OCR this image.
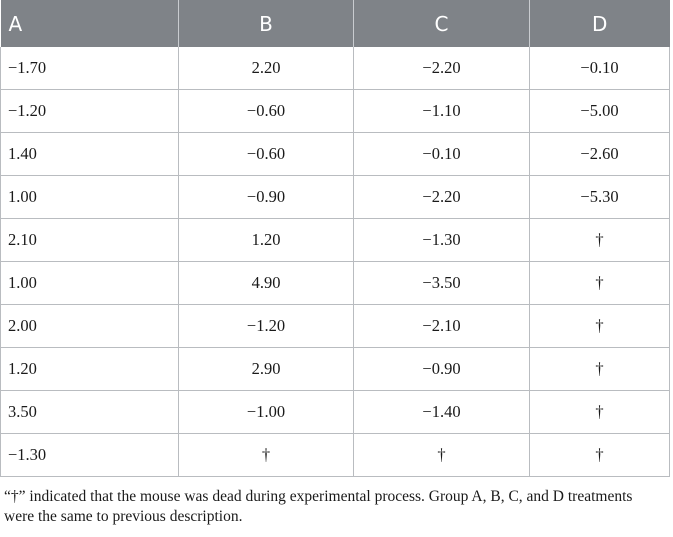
A	B	C	D
−1.70	2.20	−2.20	−0.10
−1.20	−0.60	−1.10	−5.00
1.40	−0.60	−0.10	−2.60
1.00	−0.90	−2.20	−5.30
2.10	1.20	−1.30	†
1.00	4.90	−3.50	†
2.00	−1.20	−2.10	†
1.20	2.90	−0.90	†
3.50	−1.00	−1.40	†
−1.30	†	†	†
“†” indicated that the mouse was dead during experimental process. Group A, B, C, and D treatments were the same to previous description.
